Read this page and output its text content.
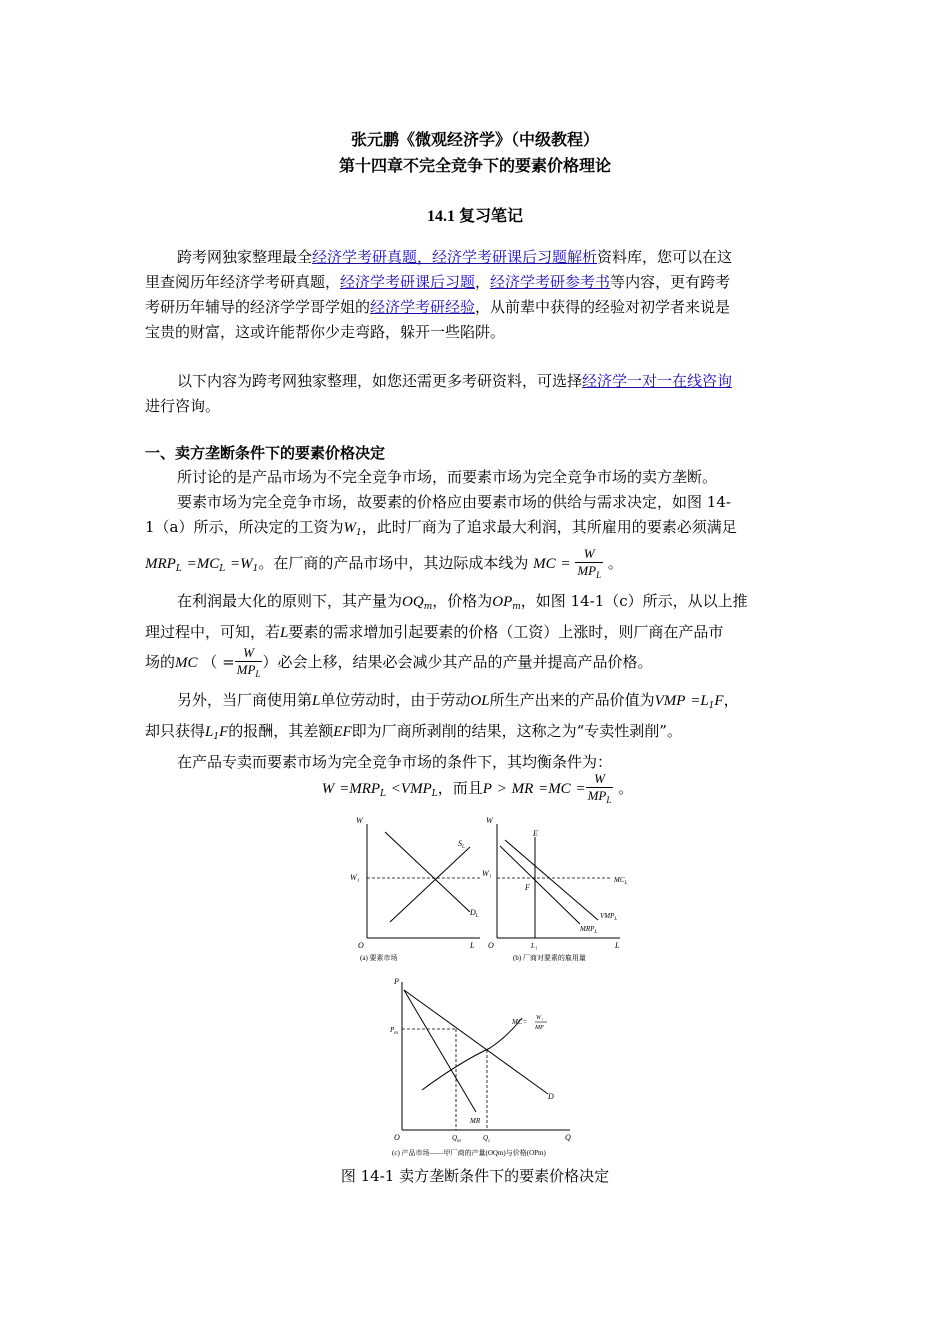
张元鹏《微观经济学》（中级教程）
第十四章不完全竞争下的要素价格理论
14.1 复习笔记
跨考网独家整理最全经济学考研真题，经济学考研课后习题解析资料库，您可以在这
里查阅历年经济学考研真题，经济学考研课后习题，经济学考研参考书等内容，更有跨考
考研历年辅导的经济学学哥学姐的经济学考研经验，从前辈中获得的经验对初学者来说是
宝贵的财富，这或许能帮你少走弯路，躲开一些陷阱。
以下内容为跨考网独家整理，如您还需更多考研资料，可选择经济学一对一在线咨询
进行咨询。
一、卖方垄断条件下的要素价格决定
所讨论的是产品市场为不完全竞争市场，而要素市场为完全竞争市场的卖方垄断。
要素市场为完全竞争市场，故要素的价格应由要素市场的供给与需求决定，如图 14-
1（a）所示，所决定的工资为$W_1$，此时厂商为了追求最大利润，其所雇用的要素必须满足
$MRP_L =MC_L =W_1$。在厂商的产品市场中，其边际成本线为 MC = $\frac{W}{MP_L}$ 。
在利润最大化的原则下，其产量为$OQ_m$，价格为$OP_m$，如图 14-1（c）所示，从以上推
理过程中，可知，若L要素的需求增加引起要素的价格（工资）上涨时，则厂商在产品市
场的MC （ = $\frac{W}{MP_L}$ ）必会上移，结果必会减少其产品的产量并提高产品价格。
另外，当厂商使用第L单位劳动时，由于劳动OL所生产出来的产品价值为VMP $=L_1F$，
却只获得$L_1F$的报酬，其差额EF即为厂商所剥削的结果，这称之为“专卖性剥削”。
在产品专卖而要素市场为完全竞争市场的条件下，其均衡条件为：
$W =MRP_L <VMP_L$，而且P > MR $=MC = \frac{W}{MP_L}$ 。
W
L
O
W₁
$S_L$
$D_L$
(a) 要素市场
W
L
O
W₁
L₁
E
F
$MC_L$
$VMP_L$
$MRP_L$
(b) 厂商对要素的雇用量
P
Q
O
$P_m$
$Q_m$	$Q_c$
MC= W₁
MP
D
MR
(c) 产品市场——甲厂商的产量(OQm)与价格(OPm)
图 14-1 卖方垄断条件下的要素价格决定
